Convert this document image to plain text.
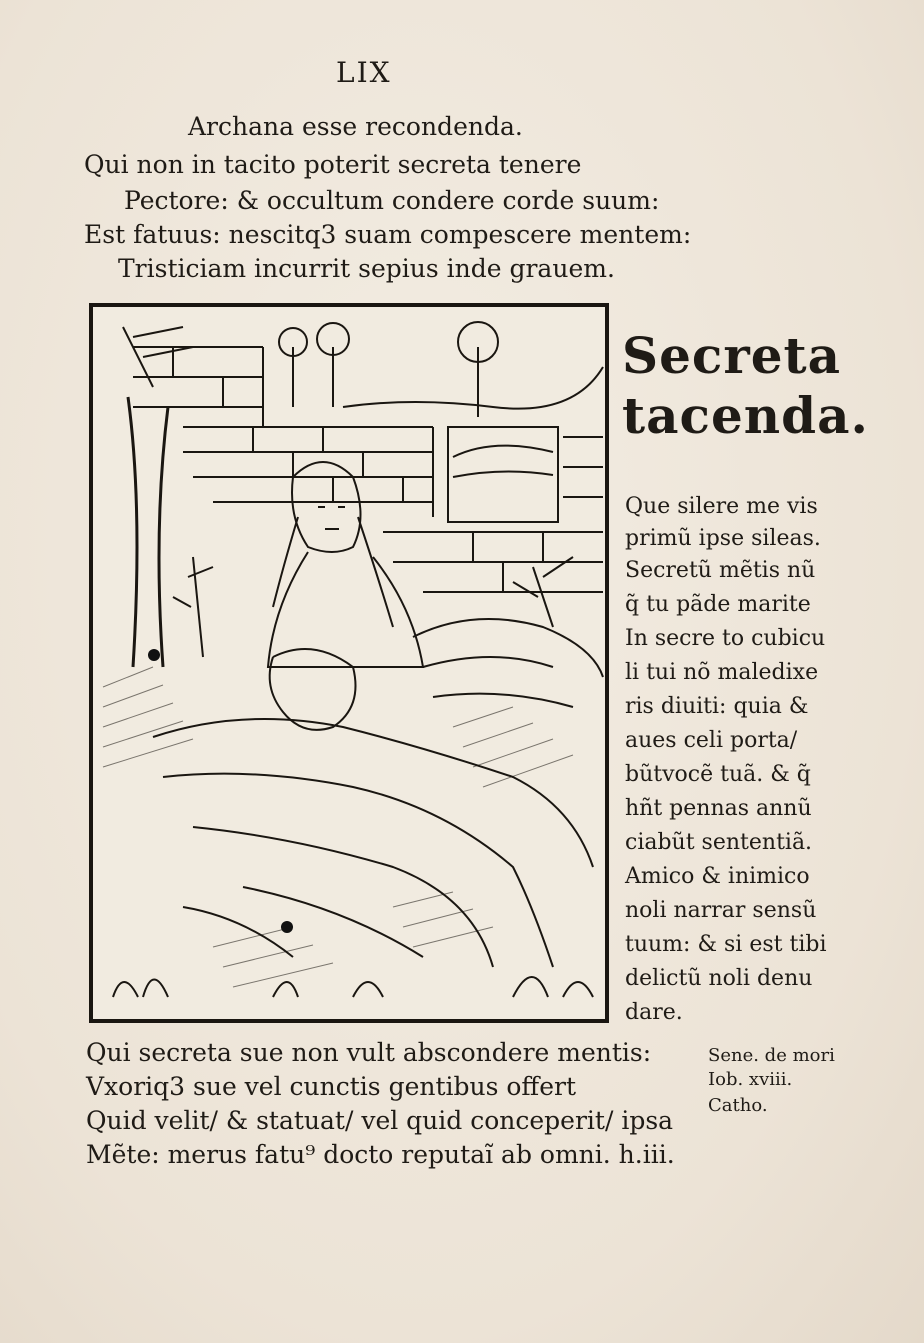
LIX
Archana esse recondenda.
Qui non in tacito poterit secreta tenere
Pectore: & occultum condere corde suum:
Est fatuus: nescitq3 suam compescere mentem:
Tristiciam incurrit sepius inde grauem.
Secreta
tacenda.
Que silere me vis
primũ ipse sileas.
Secretũ mẽtis nũ
q̃ tu pãde marite
In secre to cubicu
li tui nõ maledixe
ris diuiti: quia &
aues celi porta/
bũtvocẽ tuã. & q̃
hñt pennas annũ
ciabũt sententiã.
Amico & inimico
noli narrar sensũ
tuum: & si est tibi
delictũ noli denu
dare.
Qui secreta sue non vult abscondere mentis:
Vxoriq3 sue vel cunctis gentibus offert
Quid velit/ & statuat/ vel quid conceperit/ ipsa
Mẽte: merus fatu⁹ docto reputaĩ ab omni. h.iii.
Sene. de mori
Iob. xviii.
Catho.
